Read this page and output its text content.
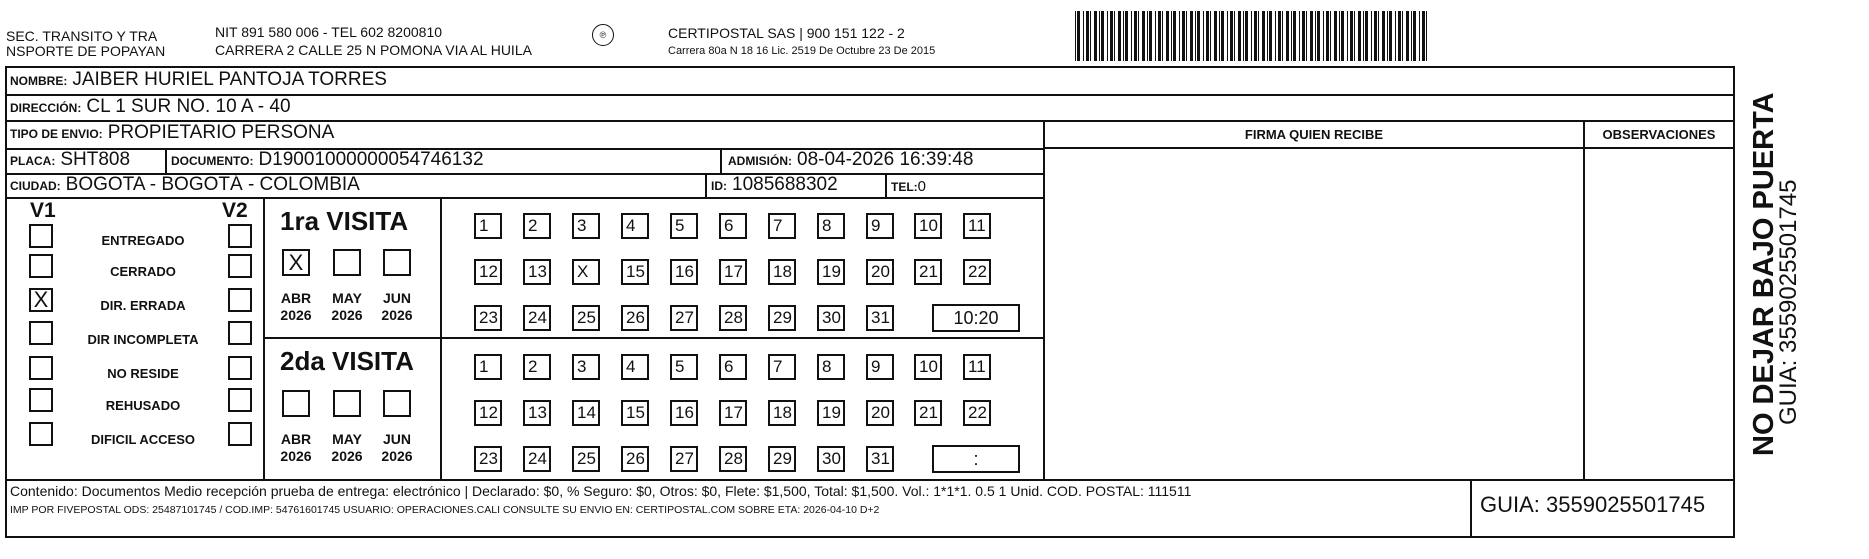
SEC. TRANSITO Y TRA
NSPORTE DE POPAYAN
NIT 891 580 006 - TEL 602 8200810
CARRERA 2 CALLE 25 N POMONA VIA AL HUILA
℗	CERTIPOSTAL SAS | 900 151 122 - 2
Carrera 80a N 18 16 Lic. 2519 De Octubre 23 De 2015
NOMBRE: JAIBER HURIEL PANTOJA TORRES
DIRECCIÓN: CL 1 SUR NO. 10 A - 40
TIPO DE ENVIO: PROPIETARIO PERSONA	FIRMA QUIEN RECIBE	OBSERVACIONES
PLACA: SHT808	DOCUMENTO: D19001000000054746132	ADMISIÓN: 08-04-2026 16:39:48
CIUDAD: BOGOTA - BOGOTÁ - COLOMBIA	ID: 1085688302	TEL:0
V1	V2
ENTREGADO
CERRADO
X	DIR. ERRADA
DIR INCOMPLETA
NO RESIDE
REHUSADO
DIFICIL ACCESO
1ra VISITA
2da VISITA
X
ABR
2026
MAY
2026
JUN
2026
1	2	3	4	5	6	7	8	9	10 11
12 13 X	15 16 17 18 19 20 21 22
23 24 25 26 27 28 29 30 31	10:20
ABR
2026
MAY
2026
JUN
2026
1	2	3	4	5	6	7	8	9	10 11
12 13 14 15 16 17 18 19 20 21 22
23 24 25 26 27 28 29 30 31	:
Contenido: Documentos Medio recepción prueba de entrega: electrónico | Declarado: $0, % Seguro: $0, Otros: $0, Flete: $1,500, Total: $1,500. Vol.: 1*1*1. 0.5 1 Unid. COD. POSTAL: 111511
IMP POR FIVEPOSTAL ODS: 25487101745 / COD.IMP: 54761601745 USUARIO: OPERACIONES.CALI CONSULTE SU ENVIO EN: CERTIPOSTAL.COM SOBRE ETA: 2026-04-10 D+2	GUIA: 3559025501745
NO DEJAR BAJO PUERTA
GUIA: 3559025501745
